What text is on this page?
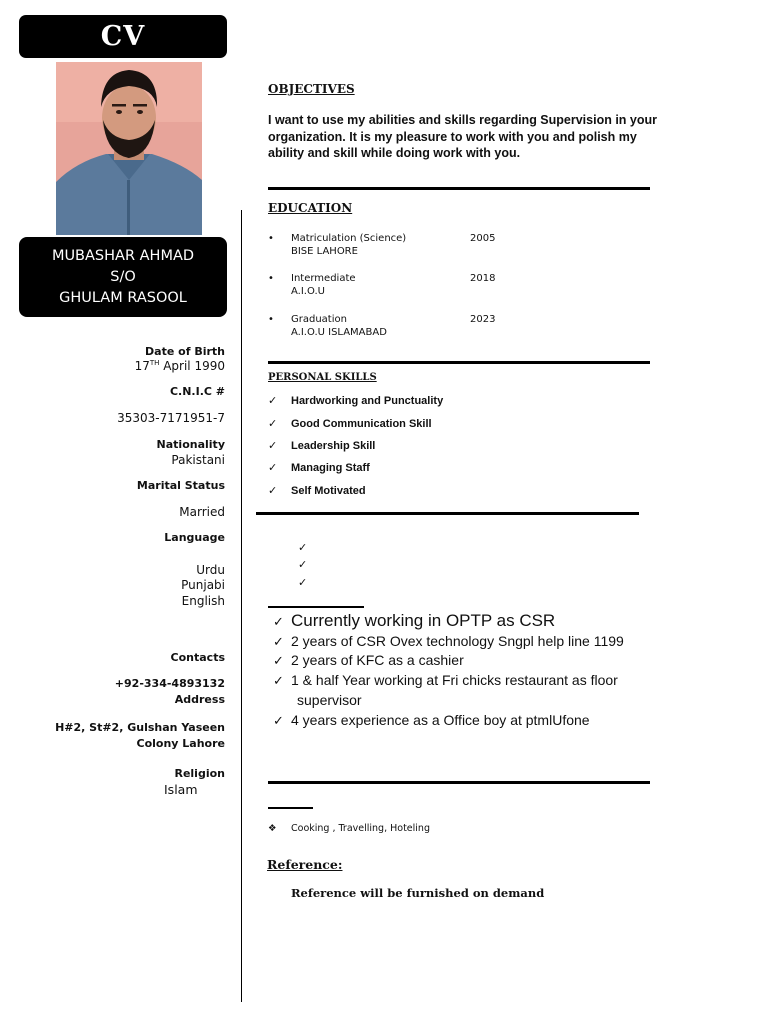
CV
MUBASHAR AHMAD
S/O
GHULAM RASOOL
Date of Birth
17TH April 1990
C.N.I.C #
35303-7171951-7
Nationality
Pakistani
Marital Status
Married
Language
Urdu
Punjabi
English
Contacts
+92-334-4893132
Address
H#2, St#2, Gulshan Yaseen
Colony Lahore
Religion
Islam
OBJECTIVES
I want to use my abilities and skills regarding Supervision in your
organization. It is my pleasure to work with you and polish my
ability and skill while doing work with you.
EDUCATION
• Matriculation (Science)	2005
BISE LAHORE
• Intermediate	2018
A.I.O.U
• Graduation	2023
A.I.O.U ISLAMABAD
PERSONAL SKILLS
✓ Hardworking and Punctuality
✓ Good Communication Skill
✓ Leadership Skill
✓ Managing Staff
✓ Self Motivated
✓
✓
✓
✓ Currently working in OPTP as CSR
✓ 2 years of CSR Ovex technology Sngpl help line 1199
✓ 2 years of KFC as a cashier
✓ 1 & half Year working at Fri chicks restaurant as floor
supervisor
✓ 4 years experience as a Office boy at ptmlUfone
❖ Cooking , Travelling, Hoteling
Reference:
Reference will be furnished on demand
